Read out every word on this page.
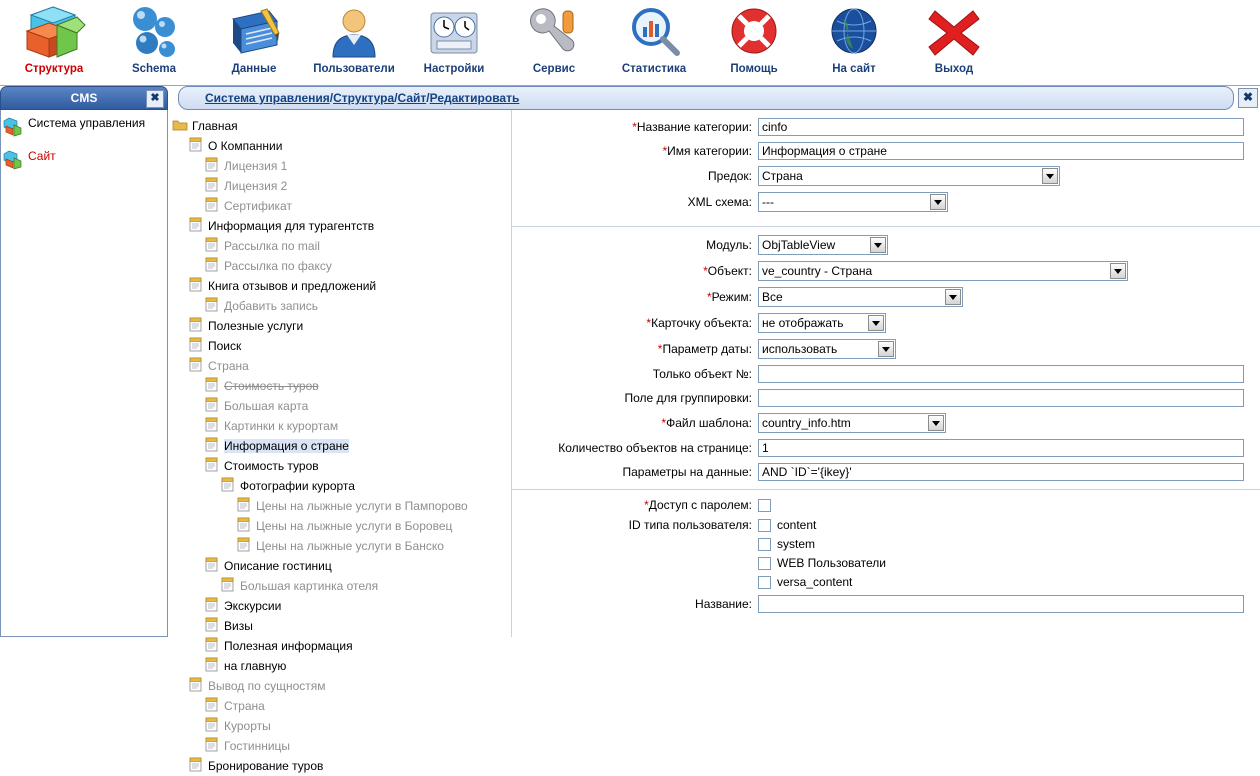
Структура	Schema	Данные	Пользователи	Настройки	Сервис	Статистика	Помощь	На сайт	Выход
CMS	✖	Система управления / Структура / Сайт / Редактировать	✖
Система управления
Сайт
Главная
О Компаннии
Лицензия 1
Лицензия 2
Сертификат
Информация для турагентств
Рассылка по mail
Рассылка по факсу
Книга отзывов и предложений
Добавить запись
Полезные услуги
Поиск
Страна
Стоимость туров
Большая карта
Картинки к курортам
Информация о стране
Стоимость туров
Фотографии курорта
Цены на лыжные услуги в Пампорово
Цены на лыжные услуги в Боровец
Цены на лыжные услуги в Банско
Описание гостиниц
Большая картинка отеля
Экскурсии
Визы
Полезная информация
на главную
Вывод по сущностям
Страна
Курорты
Гостинницы
Бронирование туров
*Название категории:
cinfo
*Имя категории:
Информация о стране
Предок: Страна
XML схема: ---
Модуль: ObjTableView
*Объект: ve_country - Страна
*Режим: Все
*Карточку объекта: не отображать
*Параметр даты: использовать
Только объект №:
Поле для группировки:
*Файл шаблона: country_info.htm
Количество объектов на странице:
1
Параметры на данные:
AND `ID`='{ikey}'
*Доступ с паролем:
ID типа пользователя:	content
system
WEB Пользователи
versa_content
Название:
